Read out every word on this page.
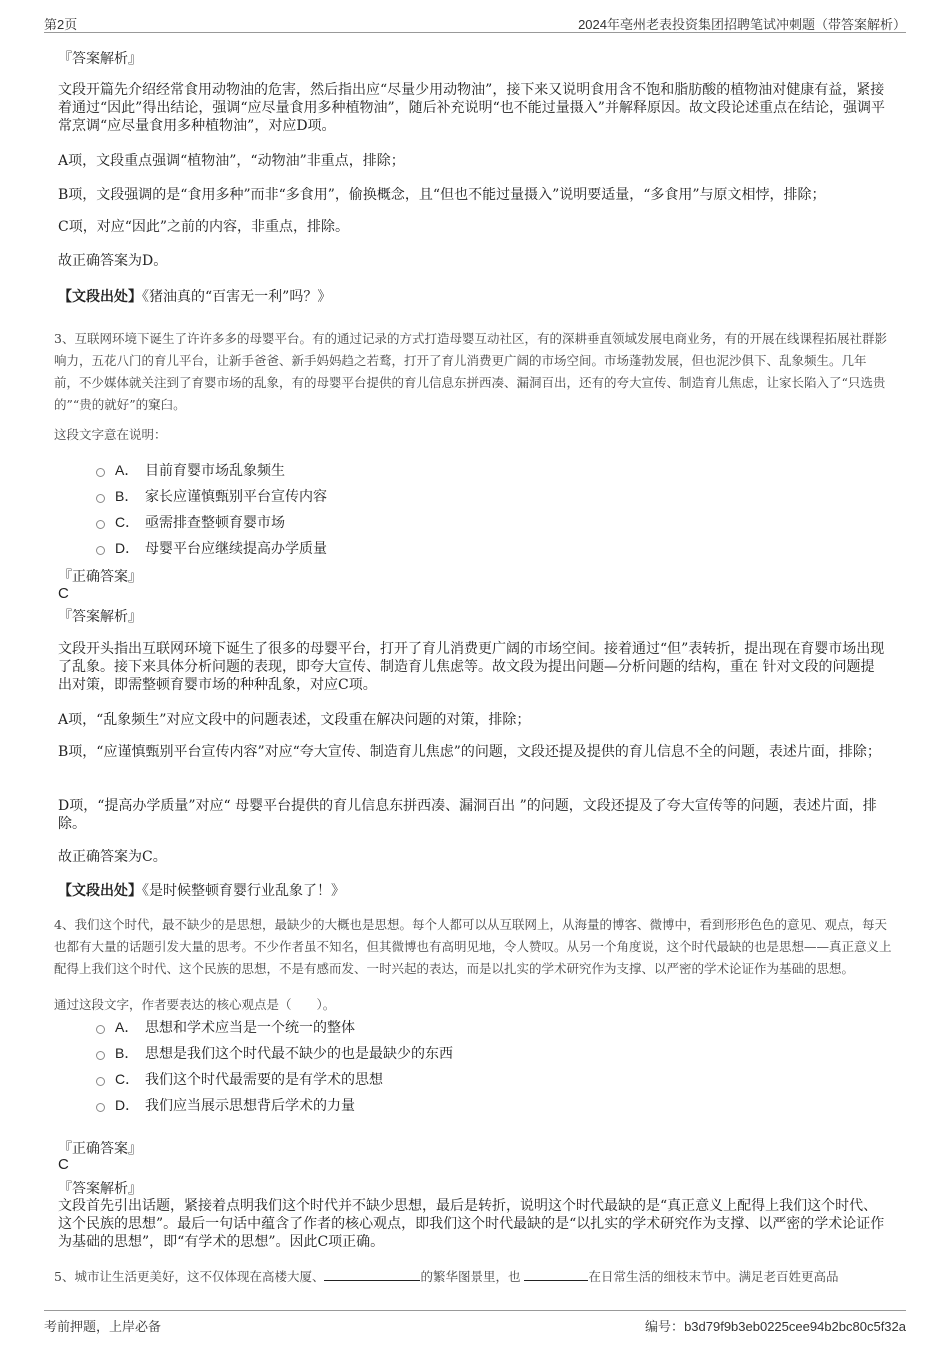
第2页	2024年亳州老表投资集团招聘笔试冲刺题（带答案解析）
『答案解析』

文段开篇先介绍经常食用动物油的危害，然后指出应“尽量少用动物油”，接下来又说明食用含不饱和脂肪酸的植物油对健康有益，紧接着通过“因此”得出结论，强调“应尽量食用多种植物油”，随后补充说明“也不能过量摄入”并解释原因。故文段论述重点在结论，强调平常烹调“应尽量食用多种植物油”，对应D项。

A项，文段重点强调“植物油”，“动物油”非重点，排除；

B项，文段强调的是“食用多种”而非“多食用”，偷换概念，且“但也不能过量摄入”说明要适量，“多食用”与原文相悖，排除；

C项，对应“因此”之前的内容，非重点，排除。

故正确答案为D。

【文段出处】《猪油真的“百害无一利”吗？》

3、互联网环境下诞生了许许多多的母婴平台。有的通过记录的方式打造母婴互动社区，有的深耕垂直领域发展电商业务，有的开展在线课程拓展社群影响力，五花八门的育儿平台，让新手爸爸、新手妈妈趋之若鹜，打开了育儿消费更广阔的市场空间。市场蓬勃发展，但也泥沙俱下、乱象频生。几年前，不少媒体就关注到了育婴市场的乱象，有的母婴平台提供的育儿信息东拼西凑、漏洞百出，还有的夸大宣传、制造育儿焦虑，让家长陷入了“只选贵的”“贵的就好”的窠臼。

这段文字意在说明：

A． 目前育婴市场乱象频生
B． 家长应谨慎甄别平台宣传内容
C． 亟需排查整顿育婴市场
D． 母婴平台应继续提高办学质量
『正确答案』
C
『答案解析』

文段开头指出互联网环境下诞生了很多的母婴平台，打开了育儿消费更广阔的市场空间。接着通过“但”表转折，提出现在育婴市场出现了乱象。接下来具体分析问题的表现，即夸大宣传、制造育儿焦虑等。故文段为提出问题—分析问题的结构，重在 针对文段的问题提出对策，即需整顿育婴市场的种种乱象，对应C项。

A项，“乱象频生”对应文段中的问题表述，文段重在解决问题的对策，排除；

B项，“应谨慎甄别平台宣传内容”对应“夸大宣传、制造育儿焦虑”的问题，文段还提及提供的育儿信息不全的问题，表述片面，排除；

D项，“提高办学质量”对应“ 母婴平台提供的育儿信息东拼西凑、漏洞百出 ”的问题，文段还提及了夸大宣传等的问题，表述片面，排除。

故正确答案为C。

【文段出处】《是时候整顿育婴行业乱象了！》

4、我们这个时代，最不缺少的是思想，最缺少的大概也是思想。每个人都可以从互联网上，从海量的博客、微博中，看到形形色色的意见、观点，每天也都有大量的话题引发大量的思考。不少作者虽不知名，但其微博也有高明见地，令人赞叹。从另一个角度说，这个时代最缺的也是思想——真正意义上配得上我们这个时代、这个民族的思想，不是有感而发、一时兴起的表达，而是以扎实的学术研究作为支撑、以严密的学术论证作为基础的思想。

通过这段文字，作者要表达的核心观点是（　　）。

A． 思想和学术应当是一个统一的整体
B． 思想是我们这个时代最不缺少的也是最缺少的东西
C． 我们这个时代最需要的是有学术的思想
D． 我们应当展示思想背后学术的力量
『正确答案』
C
『答案解析』

文段首先引出话题，紧接着点明我们这个时代并不缺少思想，最后是转折，说明这个时代最缺的是“真正意义上配得上我们这个时代、这个民族的思想”。最后一句话中蕴含了作者的核心观点，即我们这个时代最缺的是“以扎实的学术研究作为支撑、以严密的学术论证作为基础的思想”，即“有学术的思想”。因此C项正确。

5、城市让生活更美好，这不仅体现在高楼大厦、	的繁华图景里，也	在日常生活的细枝末节中。满足老百姓更高品
考前押题，上岸必备	编号：b3d79f9b3eb0225cee94b2bc80c5f32a
